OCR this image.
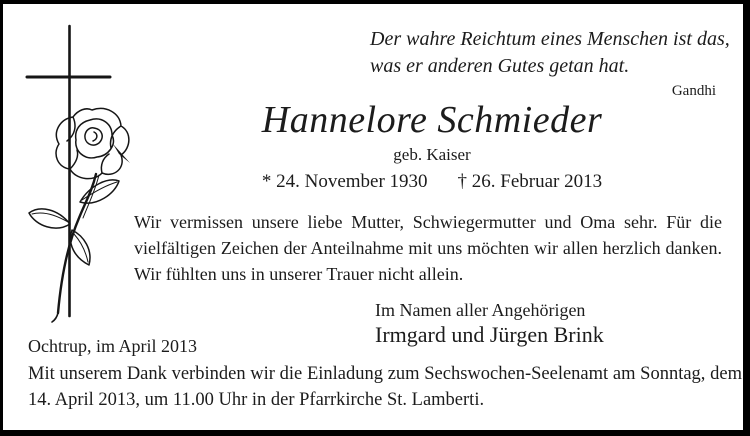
Der wahre Reichtum eines Menschen ist das,
was er anderen Gutes getan hat.
Gandhi
Hannelore Schmieder
geb. Kaiser
* 24. November 1930 † 26. Februar 2013
Wir vermissen unsere liebe Mutter, Schwiegermutter und Oma sehr. Für die vielfältigen Zeichen der Anteilnahme mit uns möchten wir allen herzlich danken. Wir fühlten uns in unserer Trauer nicht allein.
Im Namen aller Angehörigen
Irmgard und Jürgen Brink
Ochtrup, im April 2013
Mit unserem Dank verbinden wir die Einladung zum Sechswochen-Seelenamt am Sonntag, dem 14. April 2013, um 11.00 Uhr in der Pfarrkirche St. Lamberti.
